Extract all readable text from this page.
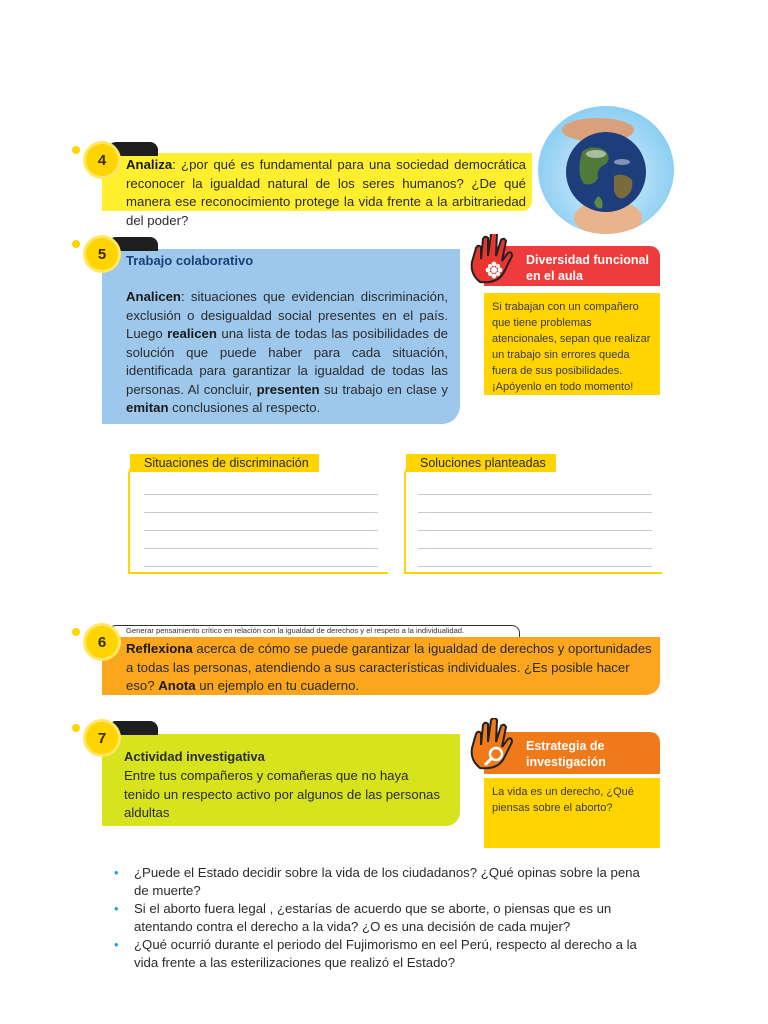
4	Analiza: ¿por qué es fundamental para una sociedad democrática reconocer la igualdad natural de los seres humanos? ¿De qué manera ese reconocimiento protege la vida frente a la arbitrariedad del poder?
5	Trabajo colaborativo
Analicen: situaciones que evidencian discriminación, exclusión o desigualdad social presentes en el país. Luego realicen una lista de todas las posibilidades de solución que puede haber para cada situación, identificada para garantizar la igualdad de todas las personas. Al concluir, presenten su trabajo en clase y emitan conclusiones al respecto.
Diversidad funcional en el aula
Si trabajan con un compañero que tiene problemas atencionales, sepan que realizar un trabajo sin errores queda fuera de sus posibilidades. ¡Apóyenlo en todo momento!
Situaciones de discriminación	Soluciones planteadas
Generar pensamiento crítico en relación con la igualdad de derechos y el respeto a la individualidad.
6	Reflexiona acerca de cómo se puede garantizar la igualdad de derechos y oportunidades a todas las personas, atendiendo a sus características individuales. ¿Es posible hacer eso? Anota un ejemplo en tu cuaderno.
7
Actividad investigativa
Entre tus compañeros y comañeras que no haya tenido un respecto activo por algunos de las personas aldultas
Estrategia de investigación
La vida es un derecho, ¿Qué piensas sobre el aborto?
• ¿Puede el Estado decidir sobre la vida de los ciudadanos? ¿Qué opinas sobre la pena de muerte?
• Si el aborto fuera legal , ¿estarías de acuerdo que se aborte, o piensas que es un atentando contra el derecho a la vida? ¿O es una decisión de cada mujer?
• ¿Qué ocurrió durante el periodo del Fujimorismo en eel Perú, respecto al derecho a la vida frente a las esterilizaciones que realizó el Estado?
